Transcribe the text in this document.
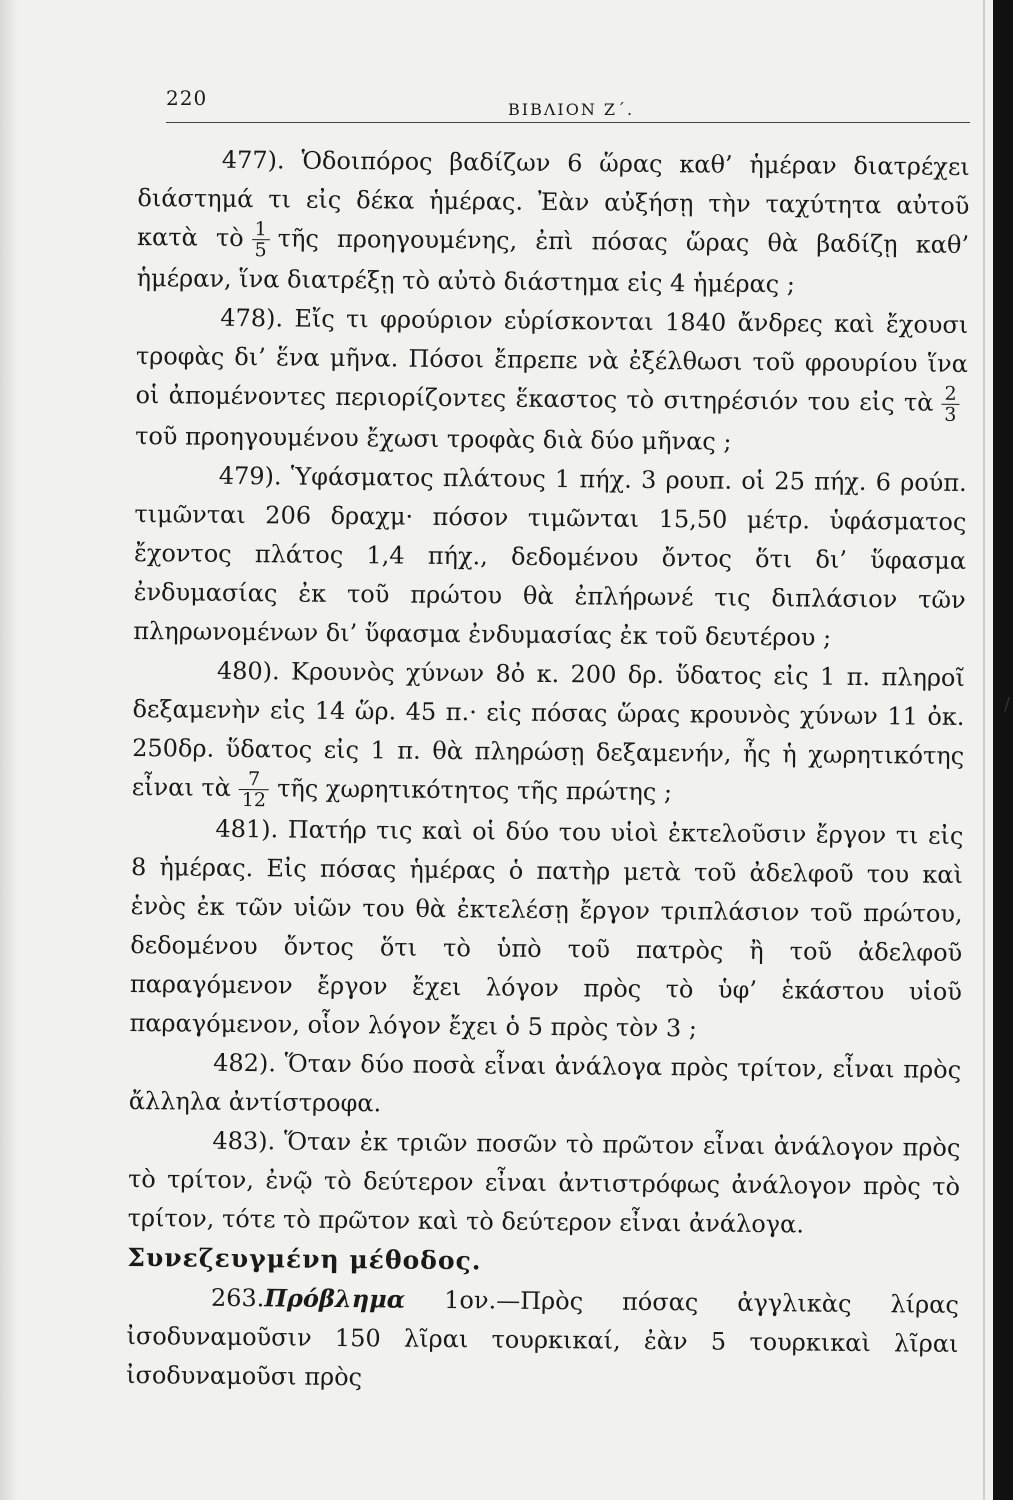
220	ΒΙΒΛΙΟΝ Ζ΄.

477). Ὁδοιπόρος βαδίζων 6 ὥρας καθ’ ἡμέραν διατρέχει διάστημά τι εἰς δέκα ἡμέρας. Ἐὰν αὐξήσῃ τὴν ταχύτητα αὐτοῦ κατὰ τὸ $\frac{1}{5}$ τῆς προηγουμένης, ἐπὶ πόσας ὥρας θὰ βαδίζῃ καθ’ ἡμέραν, ἵνα διατρέξῃ τὸ αὐτὸ διάστημα εἰς 4 ἡμέρας ;

478). Εἴς τι φρούριον εὑρίσκονται 1840 ἄνδρες καὶ ἔχουσι τροφὰς δι’ ἕνα μῆνα. Πόσοι ἔπρεπε νὰ ἐξέλθωσι τοῦ φρουρίου ἵνα οἱ ἀπομένοντες περιορίζοντες ἕκαστος τὸ σιτηρέσιόν του εἰς τὰ $\frac{2}{3}$
τοῦ προηγουμένου ἔχωσι τροφὰς διὰ δύο μῆνας ;

479). Ὑφάσματος πλάτους 1 πήχ. 3 ρουπ. οἱ 25 πήχ. 6 ρούπ. τιμῶνται 206 δραχμ· πόσον τιμῶνται 15,50 μέτρ. ὑφάσματος ἔχοντος πλάτος 1,4 πήχ., δεδομένου ὄντος ὅτι δι’ ὕφασμα ἐνδυμασίας ἐκ τοῦ πρώτου θὰ ἐπλήρωνέ τις διπλάσιον τῶν πληρωνομένων δι’ ὕφασμα ἐνδυμασίας ἐκ τοῦ δευτέρου ;

480). Κρουνὸς χύνων 8ὀ κ. 200 δρ. ὕδατος εἰς 1 π. πληροῖ δεξαμενὴν εἰς 14 ὥρ. 45 π.· εἰς πόσας ὥρας κρουνὸς χύνων 11 ὀκ. 250δρ. ὕδατος εἰς 1 π. θὰ πληρώσῃ δεξαμενήν, ἧς ἡ χωρητικότης εἶναι τὰ $\frac{7}{12}$ τῆς χωρητικότητος τῆς πρώτης ;

481). Πατήρ τις καὶ οἱ δύο του υἱοὶ ἐκτελοῦσιν ἔργον τι εἰς 8 ἡμέρας. Εἰς πόσας ἡμέρας ὁ πατὴρ μετὰ τοῦ ἀδελφοῦ του καὶ ἑνὸς ἐκ τῶν υἱῶν του θὰ ἐκτελέσῃ ἔργον τριπλάσιον τοῦ πρώτου, δεδομένου ὄντος ὅτι τὸ ὑπὸ τοῦ πατρὸς ἢ τοῦ ἀδελφοῦ παραγόμενον ἔργον ἔχει λόγον πρὸς τὸ ὑφ’ ἑκάστου υἱοῦ παραγόμενον, οἷον λόγον ἔχει ὁ 5 πρὸς τὸν 3 ;

482). Ὅταν δύο ποσὰ εἶναι ἀνάλογα πρὸς τρίτον, εἶναι πρὸς ἄλληλα ἀντίστροφα.

483). Ὅταν ἐκ τριῶν ποσῶν τὸ πρῶτον εἶναι ἀνάλογον πρὸς τὸ τρίτον, ἐνῷ τὸ δεύτερον εἶναι ἀντιστρόφως ἀνάλογον πρὸς τὸ τρίτον, τότε τὸ πρῶτον καὶ τὸ δεύτερον εἶναι ἀνάλογα.

Συνεζευγμένη μέθοδος.

263.Πρόβλημα 1ον.—Πρὸς πόσας ἀγγλικὰς λίρας ἰσοδυναμοῦσιν 150 λῖραι τουρκικαί, ἐὰν 5 τουρκικαὶ λῖραι ἰσοδυναμοῦσι πρὸς

/
